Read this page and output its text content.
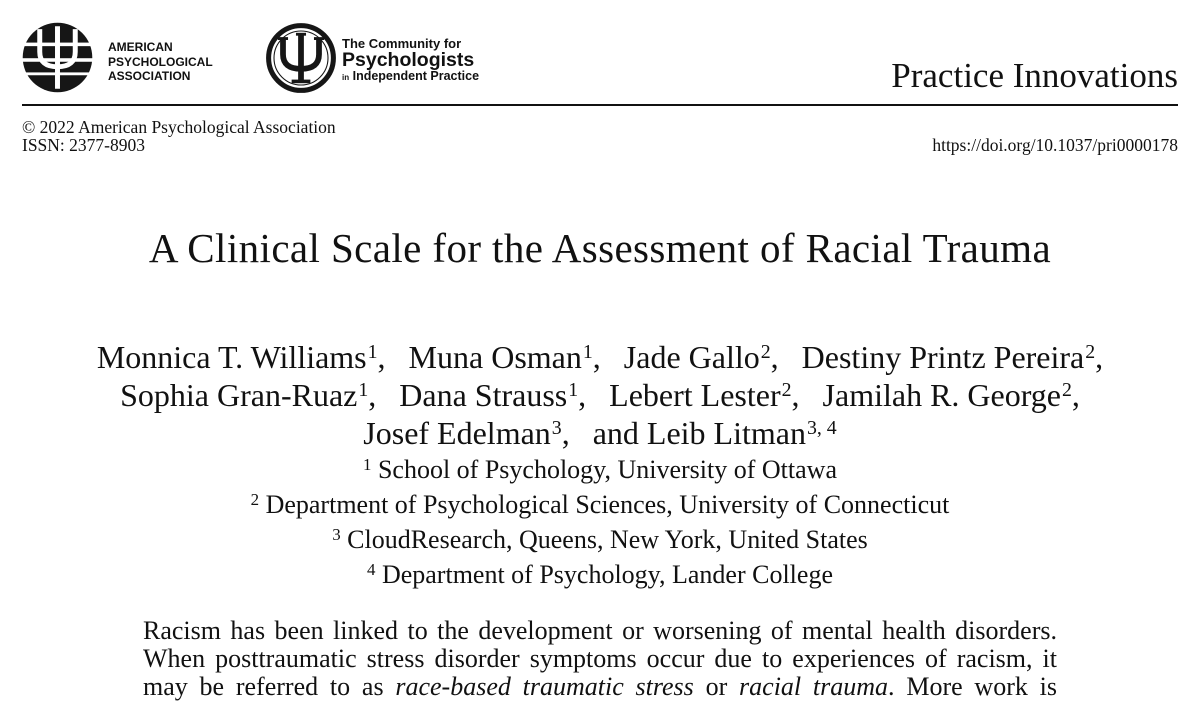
AMERICAN
PSYCHOLOGICAL
ASSOCIATION
The Community for
Psychologists
in Independent Practice	Practice Innovations
© 2022 American Psychological Association
ISSN: 2377-8903	https://doi.org/10.1037/pri0000178
A Clinical Scale for the Assessment of Racial Trauma
Monnica T. Williams$^1$, Muna Osman$^1$, Jade Gallo$^2$, Destiny Printz Pereira$^2$,
Sophia Gran-Ruaz$^1$, Dana Strauss$^1$, Lebert Lester$^2$, Jamilah R. George$^2$,
Josef Edelman$^3$, and Leib Litman$^{3, 4}$
$^1$ School of Psychology, University of Ottawa
$^2$ Department of Psychological Sciences, University of Connecticut
$^3$ CloudResearch, Queens, New York, United States
$^4$ Department of Psychology, Lander College
Racism has been linked to the development or worsening of mental health disorders.
When posttraumatic stress disorder symptoms occur due to experiences of racism, it
may be referred to as race-based traumatic stress or racial trauma. More work is
